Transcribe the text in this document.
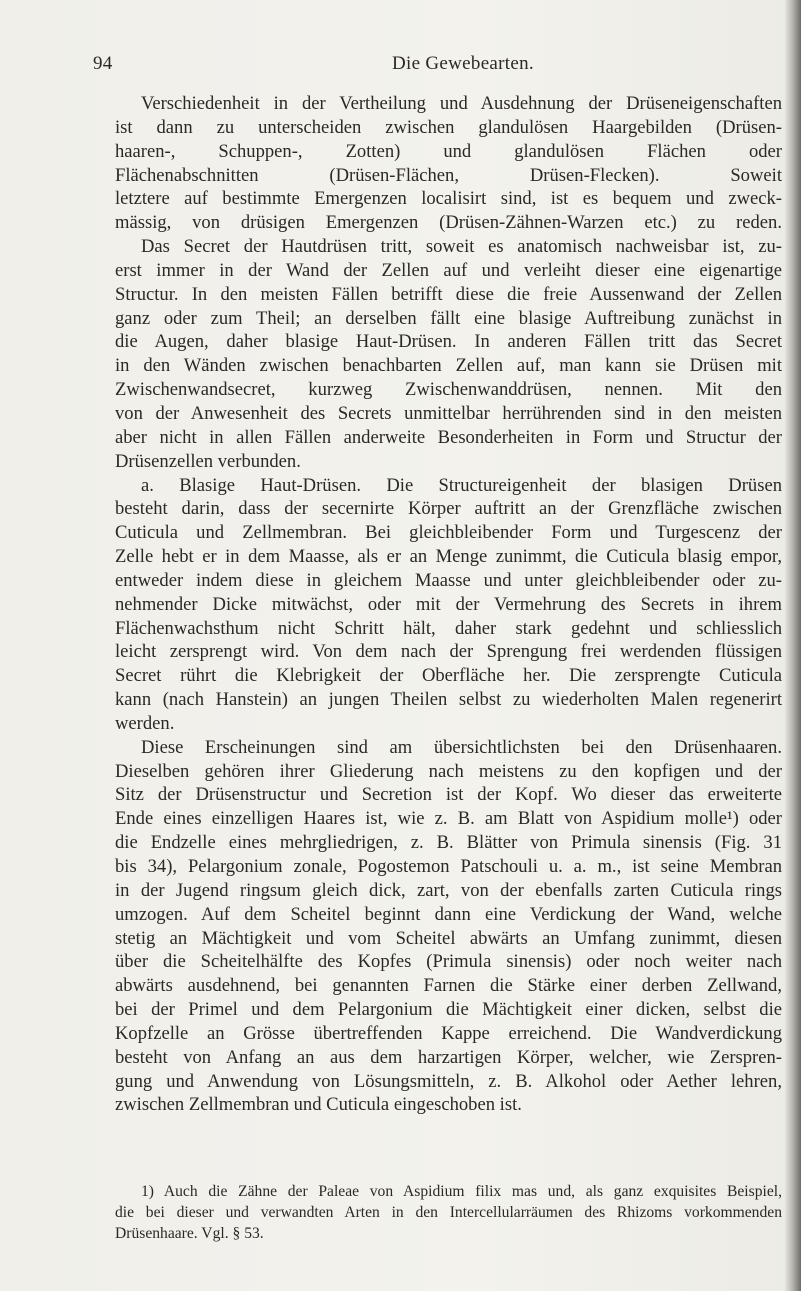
94	Die Gewebearten.
Verschiedenheit in der Vertheilung und Ausdehnung der Drüseneigenschaften
ist dann zu unterscheiden zwischen glandulösen Haargebilden (Drüsen-
haaren-, Schuppen-, Zotten) und glandulösen Flächen oder
Flächenabschnitten (Drüsen-Flächen, Drüsen-Flecken). Soweit
letztere auf bestimmte Emergenzen localisirt sind, ist es bequem und zweck-
mässig, von drüsigen Emergenzen (Drüsen-Zähnen-Warzen etc.) zu reden.
Das Secret der Hautdrüsen tritt, soweit es anatomisch nachweisbar ist, zu-
erst immer in der Wand der Zellen auf und verleiht dieser eine eigenartige
Structur. In den meisten Fällen betrifft diese die freie Aussenwand der Zellen
ganz oder zum Theil; an derselben fällt eine blasige Auftreibung zunächst in
die Augen, daher blasige Haut-Drüsen. In anderen Fällen tritt das Secret
in den Wänden zwischen benachbarten Zellen auf, man kann sie Drüsen mit
Zwischenwandsecret, kurzweg Zwischenwanddrüsen, nennen. Mit den
von der Anwesenheit des Secrets unmittelbar herrührenden sind in den meisten
aber nicht in allen Fällen anderweite Besonderheiten in Form und Structur der
Drüsenzellen verbunden.
a. Blasige Haut-Drüsen. Die Structureigenheit der blasigen Drüsen
besteht darin, dass der secernirte Körper auftritt an der Grenzfläche zwischen
Cuticula und Zellmembran. Bei gleichbleibender Form und Turgescenz der
Zelle hebt er in dem Maasse, als er an Menge zunimmt, die Cuticula blasig empor,
entweder indem diese in gleichem Maasse und unter gleichbleibender oder zu-
nehmender Dicke mitwächst, oder mit der Vermehrung des Secrets in ihrem
Flächenwachsthum nicht Schritt hält, daher stark gedehnt und schliesslich
leicht zersprengt wird. Von dem nach der Sprengung frei werdenden flüssigen
Secret rührt die Klebrigkeit der Oberfläche her. Die zersprengte Cuticula
kann (nach Hanstein) an jungen Theilen selbst zu wiederholten Malen regenerirt
werden.
Diese Erscheinungen sind am übersichtlichsten bei den Drüsenhaaren.
Dieselben gehören ihrer Gliederung nach meistens zu den kopfigen und der
Sitz der Drüsenstructur und Secretion ist der Kopf. Wo dieser das erweiterte
Ende eines einzelligen Haares ist, wie z. B. am Blatt von Aspidium molle¹) oder
die Endzelle eines mehrgliedrigen, z. B. Blätter von Primula sinensis (Fig. 31
bis 34), Pelargonium zonale, Pogostemon Patschouli u. a. m., ist seine Membran
in der Jugend ringsum gleich dick, zart, von der ebenfalls zarten Cuticula rings
umzogen. Auf dem Scheitel beginnt dann eine Verdickung der Wand, welche
stetig an Mächtigkeit und vom Scheitel abwärts an Umfang zunimmt, diesen
über die Scheitelhälfte des Kopfes (Primula sinensis) oder noch weiter nach
abwärts ausdehnend, bei genannten Farnen die Stärke einer derben Zellwand,
bei der Primel und dem Pelargonium die Mächtigkeit einer dicken, selbst die
Kopfzelle an Grösse übertreffenden Kappe erreichend. Die Wandverdickung
besteht von Anfang an aus dem harzartigen Körper, welcher, wie Zerspren-
gung und Anwendung von Lösungsmitteln, z. B. Alkohol oder Aether lehren,
zwischen Zellmembran und Cuticula eingeschoben ist.
1) Auch die Zähne der Paleae von Aspidium filix mas und, als ganz exquisites Beispiel,
die bei dieser und verwandten Arten in den Intercellularräumen des Rhizoms vorkommenden
Drüsenhaare. Vgl. § 53.
